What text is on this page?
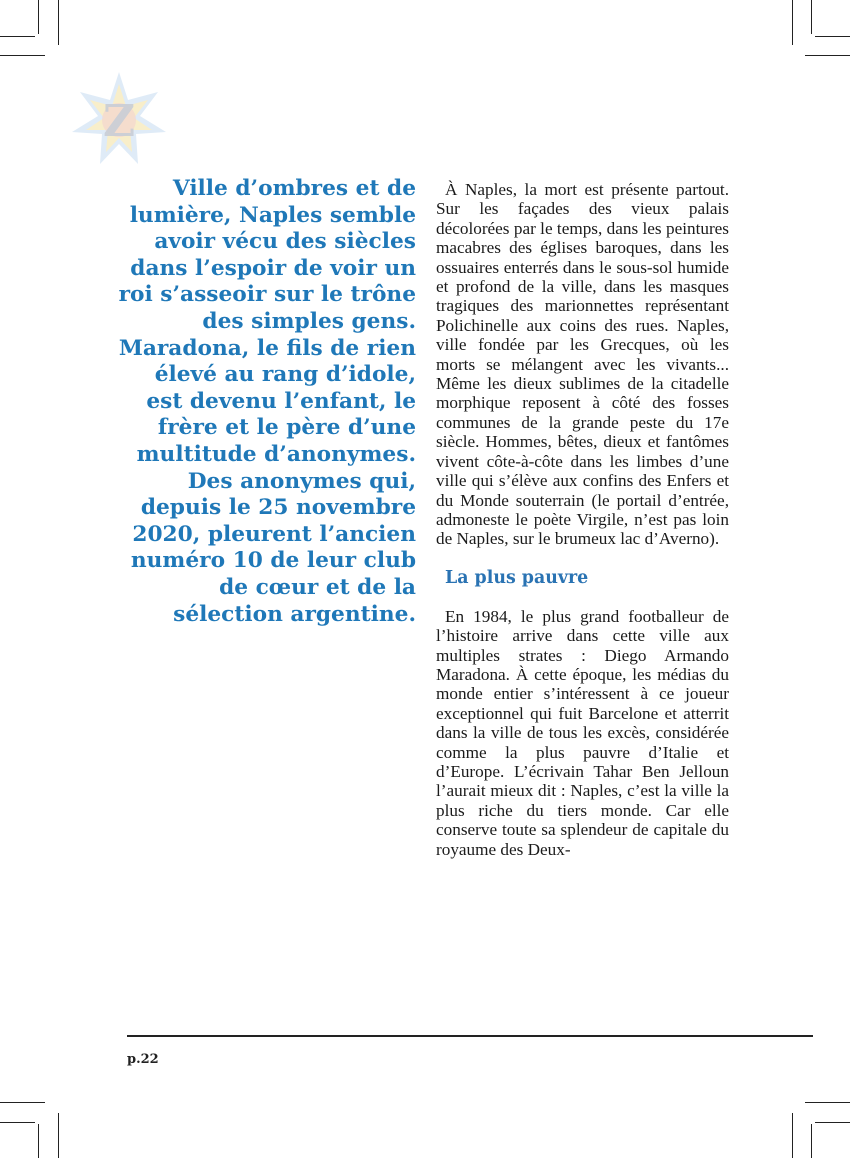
Z
Ville d’ombres et de lumière, Naples semble avoir vécu des siècles dans l’espoir de voir un roi s’asseoir sur le trône des simples gens. Maradona, le fils de rien élevé au rang d’idole, est devenu l’enfant, le frère et le père d’une multitude d’anonymes. Des anonymes qui, depuis le 25 novembre 2020, pleurent l’ancien numéro 10 de leur club de cœur et de la sélection argentine.

À Naples, la mort est présente partout. Sur les façades des vieux palais décolorées par le temps, dans les peintures macabres des églises baroques, dans les ossuaires enterrés dans le sous-sol humide et profond de la ville, dans les masques tragiques des marionnettes représentant Polichinelle aux coins des rues. Naples, ville fondée par les Grecques, où les morts se mélangent avec les vivants... Même les dieux sublimes de la citadelle morphique reposent à côté des fosses communes de la grande peste du 17e siècle. Hommes, bêtes, dieux et fantômes vivent côte-à-côte dans les limbes d’une ville qui s’élève aux confins des Enfers et du Monde souterrain (le portail d’entrée, admoneste le poète Virgile, n’est pas loin de Naples, sur le brumeux lac d’Averno).

La plus pauvre

En 1984, le plus grand footballeur de l’histoire arrive dans cette ville aux multiples strates : Diego Armando Maradona. À cette époque, les médias du monde entier s’intéressent à ce joueur exceptionnel qui fuit Barcelone et atterrit dans la ville de tous les excès, considérée comme la plus pauvre d’Italie et d’Europe. L’écrivain Tahar Ben Jelloun l’aurait mieux dit : Naples, c’est la ville la plus riche du tiers monde. Car elle conserve toute sa splendeur de capitale du royaume des Deux-

p.22
